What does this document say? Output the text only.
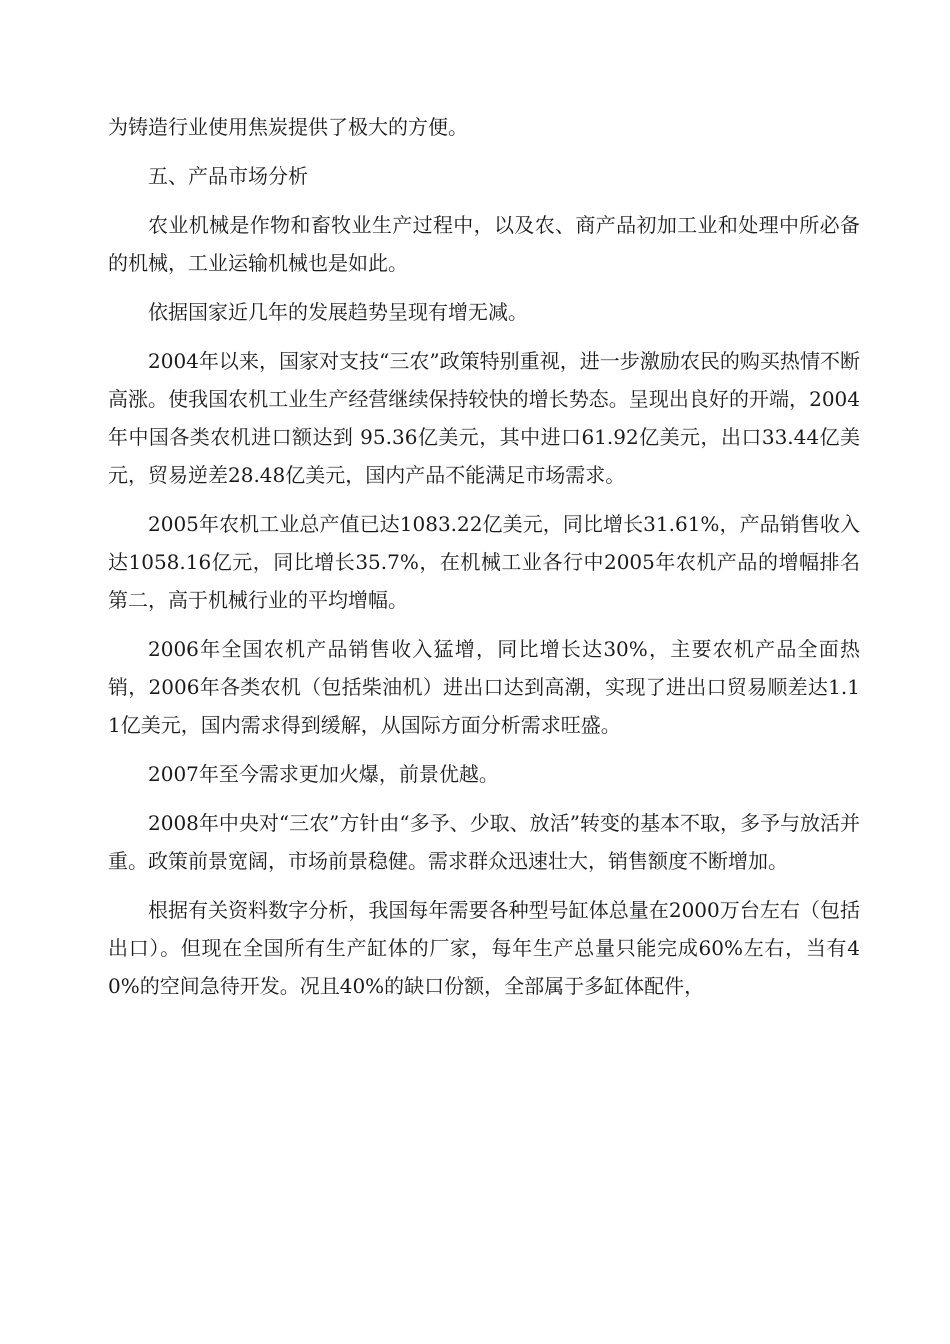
为铸造行业使用焦炭提供了极大的方便。

五、产品市场分析

农业机械是作物和畜牧业生产过程中，以及农、商产品初加工业和处理中所必备的机械，工业运输机械也是如此。

依据国家近几年的发展趋势呈现有增无减。

2004年以来，国家对支技“三农”政策特别重视，进一步激励农民的购买热情不断高涨。使我国农机工业生产经营继续保持较快的增长势态。呈现出良好的开端，2004年中国各类农机进口额达到 95.36亿美元，其中进口61.92亿美元，出口33.44亿美元，贸易逆差28.48亿美元，国内产品不能满足市场需求。

2005年农机工业总产值已达1083.22亿美元，同比增长31.61%，产品销售收入达1058.16亿元，同比增长35.7%，在机械工业各行中2005年农机产品的增幅排名第二，高于机械行业的平均增幅。

2006年全国农机产品销售收入猛增，同比增长达30%，主要农机产品全面热销，2006年各类农机（包括柴油机）进出口达到高潮，实现了进出口贸易顺差达1.11亿美元，国内需求得到缓解，从国际方面分析需求旺盛。

2007年至今需求更加火爆，前景优越。

2008年中央对“三农”方针由“多予、少取、放活”转变的基本不取，多予与放活并重。政策前景宽阔，市场前景稳健。需求群众迅速壮大，销售额度不断增加。

根据有关资料数字分析，我国每年需要各种型号缸体总量在2000万台左右（包括出口）。但现在全国所有生产缸体的厂家，每年生产总量只能完成60%左右，当有40%的空间急待开发。况且40%的缺口份额，全部属于多缸体配件，
